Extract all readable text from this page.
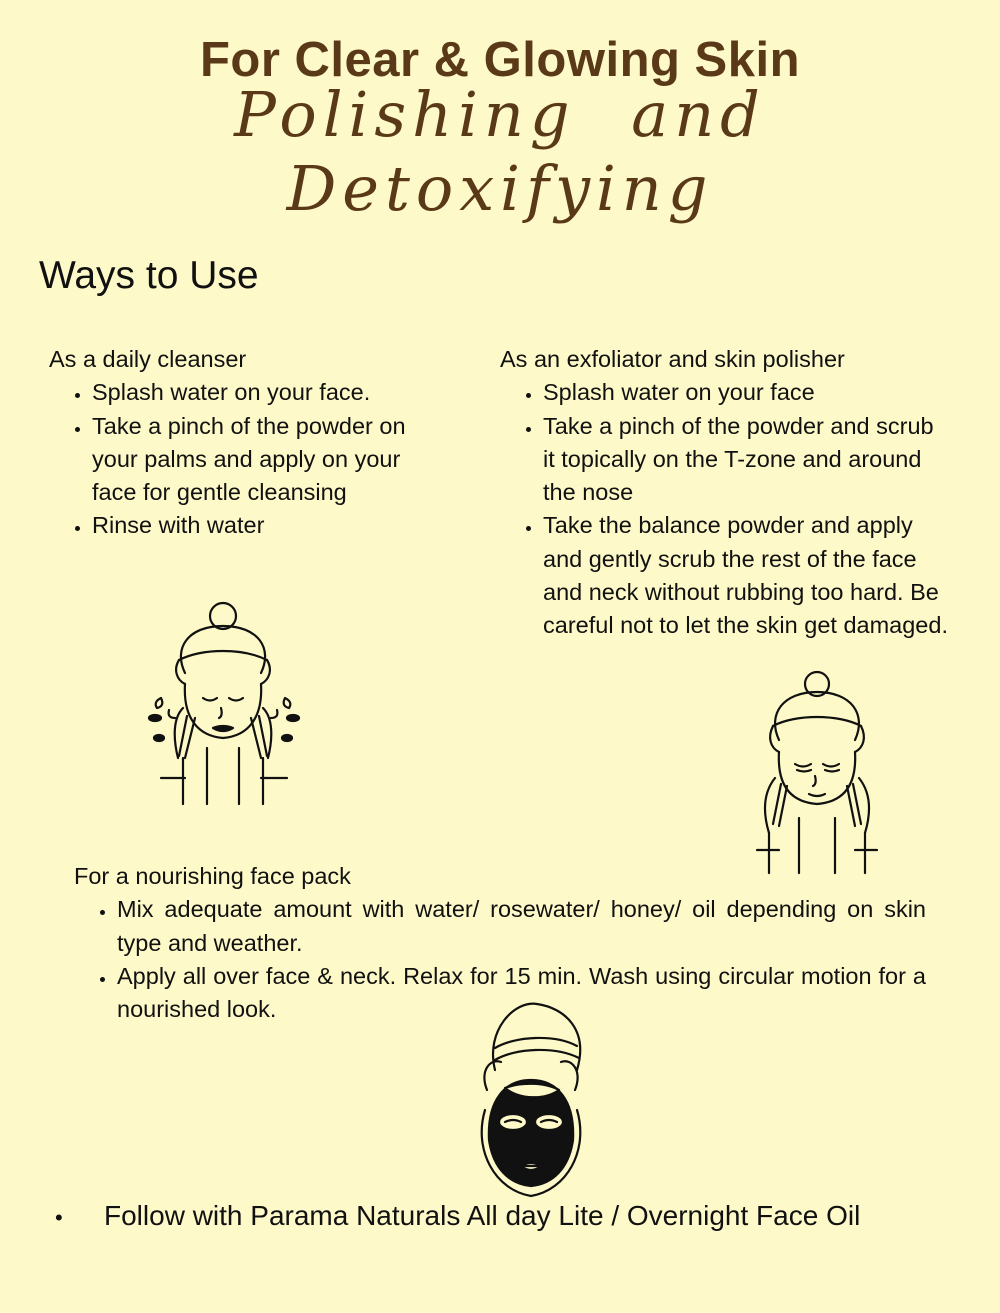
For Clear & Glowing Skin
Polishing and Detoxifying
Ways to Use

As a daily cleanser

• Splash water on your face.
• Take a pinch of the powder on your palms and apply on your face for gentle cleansing
• Rinse with water

As an exfoliator and skin polisher

• Splash water on your face
• Take a pinch of the powder and scrub it topically on the T-zone and around the nose
• Take the balance powder and apply and gently scrub the rest of the face and neck without rubbing too hard. Be careful not to let the skin get damaged.

For a nourishing face pack

• Mix adequate amount with water/ rosewater/ honey/ oil depending on skin type and weather.
• Apply all over face & neck. Relax for 15 min. Wash using circular motion for a nourished look.

• Follow with Parama Naturals All day Lite / Overnight Face Oil
